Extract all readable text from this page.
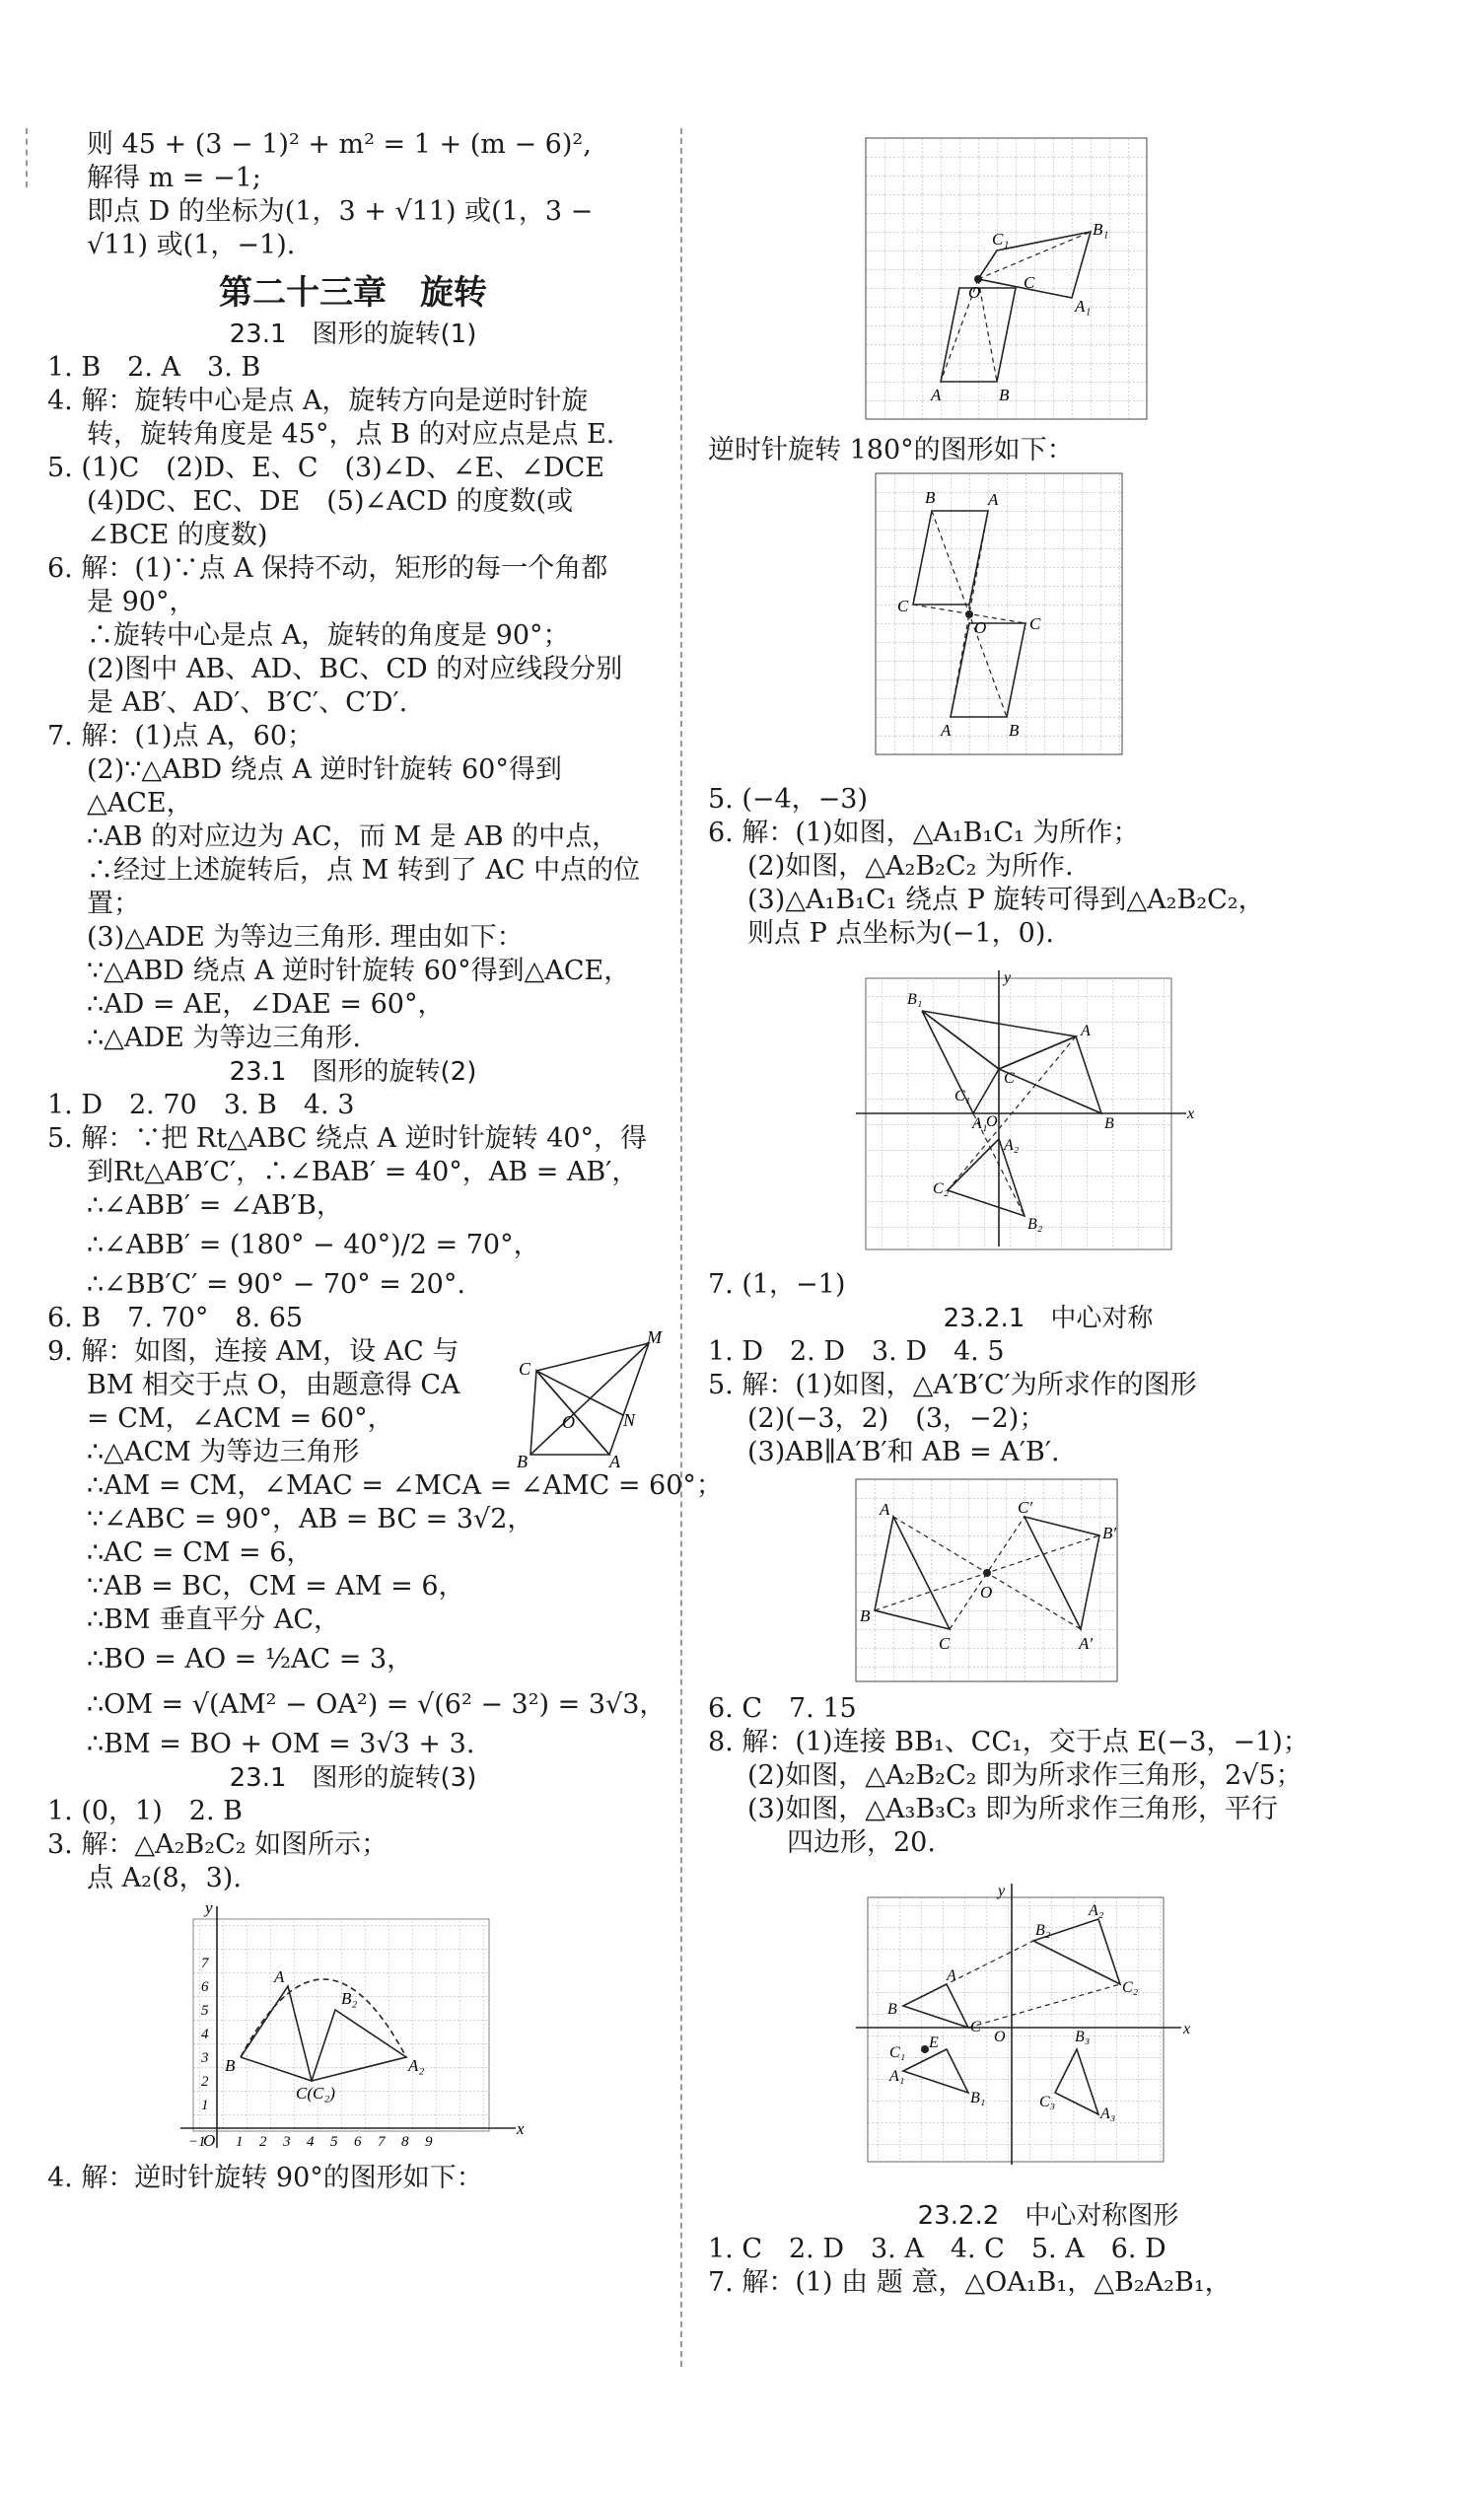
则 45 + (3 − 1)² + m² = 1 + (m − 6)²,
解得 m = −1;
即点 D 的坐标为(1，3 + √11) 或(1，3 −
√11) 或(1，−1).
第二十三章　旋转
23.1　图形的旋转(1)
1. B　2. A　3. B
4. 解：旋转中心是点 A，旋转方向是逆时针旋
转，旋转角度是 45°，点 B 的对应点是点 E.
5. (1)C　(2)D、E、C　(3)∠D、∠E、∠DCE
(4)DC、EC、DE　(5)∠ACD 的度数(或
∠BCE 的度数)
6. 解：(1)∵点 A 保持不动，矩形的每一个角都
是 90°，
∴旋转中心是点 A，旋转的角度是 90°；
(2)图中 AB、AD、BC、CD 的对应线段分别
是 AB′、AD′、B′C′、C′D′.
7. 解：(1)点 A，60；
(2)∵△ABD 绕点 A 逆时针旋转 60°得到
△ACE，
∴AB 的对应边为 AC，而 M 是 AB 的中点，
∴经过上述旋转后，点 M 转到了 AC 中点的位
置；
(3)△ADE 为等边三角形. 理由如下：
∵△ABD 绕点 A 逆时针旋转 60°得到△ACE，
∴AD = AE，∠DAE = 60°，
∴△ADE 为等边三角形.
23.1　图形的旋转(2)
1. D　2. 70　3. B　4. 3
5. 解：∵把 Rt△ABC 绕点 A 逆时针旋转 40°，得
到Rt△AB′C′，∴∠BAB′ = 40°，AB = AB′，
∴∠ABB′ = ∠AB′B，
∴∠ABB′ = (180° − 40°)/2 = 70°，
∴∠BB′C′ = 90° − 70° = 20°.
6. B　7. 70°　8. 65
9. 解：如图，连接 AM，设 AC 与
BM 相交于点 O，由题意得 CA
= CM，∠ACM = 60°，
∴△ACM 为等边三角形
M
C
O	N
B	A
∴AM = CM，∠MAC = ∠MCA = ∠AMC = 60°；
∵∠ABC = 90°，AB = BC = 3√2，
∴AC = CM = 6，
∵AB = BC，CM = AM = 6，
∴BM 垂直平分 AC，
∴BO = AO = ½AC = 3，
∴OM = √(AM² − OA²) = √(6² − 3²) = 3√3，
∴BM = BO + OM = 3√3 + 3.
23.1　图形的旋转(3)
1. (0，1)　2. B
3. 解：△A₂B₂C₂ 如图所示；
点 A₂(8，3).
B
A
C(C₂)
B₂
A₂
x
y
O
−1 1 2 3 4 5 6 7 8 9
1
2
3
4
5
6
7
4. 解：逆时针旋转 90°的图形如下：
C₁
B₁
O
C
A₁
A	B
逆时针旋转 180°的图形如下：
B	A
C
O	C
A	B
5. (−4，−3)
6. 解：(1)如图，△A₁B₁C₁ 为所作；
(2)如图，△A₂B₂C₂ 为所作.
(3)△A₁B₁C₁ 绕点 P 旋转可得到△A₂B₂C₂，
则点 P 点坐标为(−1，0).
B₁
A
C
C₁
A₁	B
O
A₂
C₂
B₂
x
y
7. (1，−1)
23.2.1　中心对称
1. D　2. D　3. D　4. 5
5. 解：(1)如图，△A′B′C′为所求作的图形
(2)(−3，2)　(3，−2)；
(3)AB∥A′B′和 AB = A′B′.
A	C′
B′
O
B
C	A′
6. C　7. 15
8. 解：(1)连接 BB₁、CC₁，交于点 E(−3，−1)；
(2)如图，△A₂B₂C₂ 即为所求作三角形，2√5；
(3)如图，△A₃B₃C₃ 即为所求作三角形，平行
四边形，20.
B₂
A₂
C₂
A
B
C
E
C₁
O
B₁
B₃
A₃
A₁
C₃
x
y
23.2.2　中心对称图形
1. C　2. D　3. A　4. C　5. A　6. D
7. 解：(1) 由 题 意，△OA₁B₁，△B₂A₂B₁，
